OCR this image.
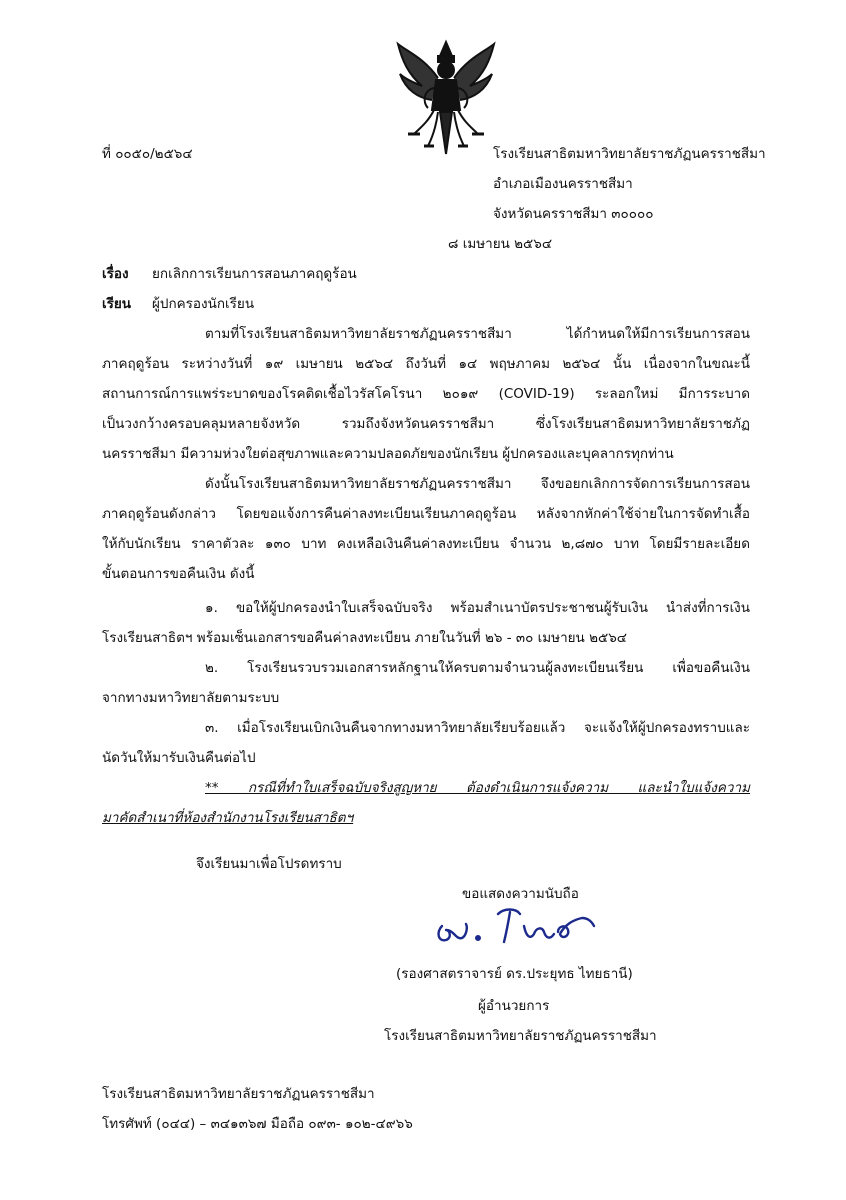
ที่ ๐๐๕๐/๒๕๖๔	โรงเรียนสาธิตมหาวิทยาลัยราชภัฏนครราชสีมา
อำเภอเมืองนครราชสีมา
จังหวัดนครราชสีมา ๓๐๐๐๐
๘ เมษายน ๒๕๖๔
เรื่อง ยกเลิกการเรียนการสอนภาคฤดูร้อน
เรียน ผู้ปกครองนักเรียน
ตามที่โรงเรียนสาธิตมหาวิทยาลัยราชภัฏนครราชสีมา ได้กำหนดให้มีการเรียนการสอน
ภาคฤดูร้อน ระหว่างวันที่ ๑๙ เมษายน ๒๕๖๔ ถึงวันที่ ๑๔ พฤษภาคม ๒๕๖๔ นั้น เนื่องจากในขณะนี้
สถานการณ์การแพร่ระบาดของโรคติดเชื้อไวรัสโคโรนา ๒๐๑๙ (COVID-19) ระลอกใหม่ มีการระบาด
เป็นวงกว้างครอบคลุมหลายจังหวัด รวมถึงจังหวัดนครราชสีมา ซึ่งโรงเรียนสาธิตมหาวิทยาลัยราชภัฏ
นครราชสีมา มีความห่วงใยต่อสุขภาพและความปลอดภัยของนักเรียน ผู้ปกครองและบุคลากรทุกท่าน
ดังนั้นโรงเรียนสาธิตมหาวิทยาลัยราชภัฏนครราชสีมา จึงขอยกเลิกการจัดการเรียนการสอน
ภาคฤดูร้อนดังกล่าว โดยขอแจ้งการคืนค่าลงทะเบียนเรียนภาคฤดูร้อน หลังจากหักค่าใช้จ่ายในการจัดทำเสื้อ
ให้กับนักเรียน ราคาตัวละ ๑๓๐ บาท คงเหลือเงินคืนค่าลงทะเบียน จำนวน ๒,๘๗๐ บาท โดยมีรายละเอียด
ขั้นตอนการขอคืนเงิน ดังนี้
๑. ขอให้ผู้ปกครองนำใบเสร็จฉบับจริง พร้อมสำเนาบัตรประชาชนผู้รับเงิน นำส่งที่การเงิน
โรงเรียนสาธิตฯ พร้อมเซ็นเอกสารขอคืนค่าลงทะเบียน ภายในวันที่ ๒๖ - ๓๐ เมษายน ๒๕๖๔
๒. โรงเรียนรวบรวมเอกสารหลักฐานให้ครบตามจำนวนผู้ลงทะเบียนเรียน เพื่อขอคืนเงิน
จากทางมหาวิทยาลัยตามระบบ
๓. เมื่อโรงเรียนเบิกเงินคืนจากทางมหาวิทยาลัยเรียบร้อยแล้ว จะแจ้งให้ผู้ปกครองทราบและ
นัดวันให้มารับเงินคืนต่อไป
** กรณีที่ทำใบเสร็จฉบับจริงสูญหาย ต้องดำเนินการแจ้งความ และนำใบแจ้งความ
มาคัดสำเนาที่ห้องสำนักงานโรงเรียนสาธิตฯ
จึงเรียนมาเพื่อโปรดทราบ
ขอแสดงความนับถือ
(รองศาสตราจารย์ ดร.ประยุทธ ไทยธานี)
ผู้อำนวยการ
โรงเรียนสาธิตมหาวิทยาลัยราชภัฏนครราชสีมา
โรงเรียนสาธิตมหาวิทยาลัยราชภัฏนครราชสีมา
โทรศัพท์ (๐๔๔) – ๓๔๑๓๖๗ มือถือ ๐๙๓- ๑๐๒-๔๙๖๖
